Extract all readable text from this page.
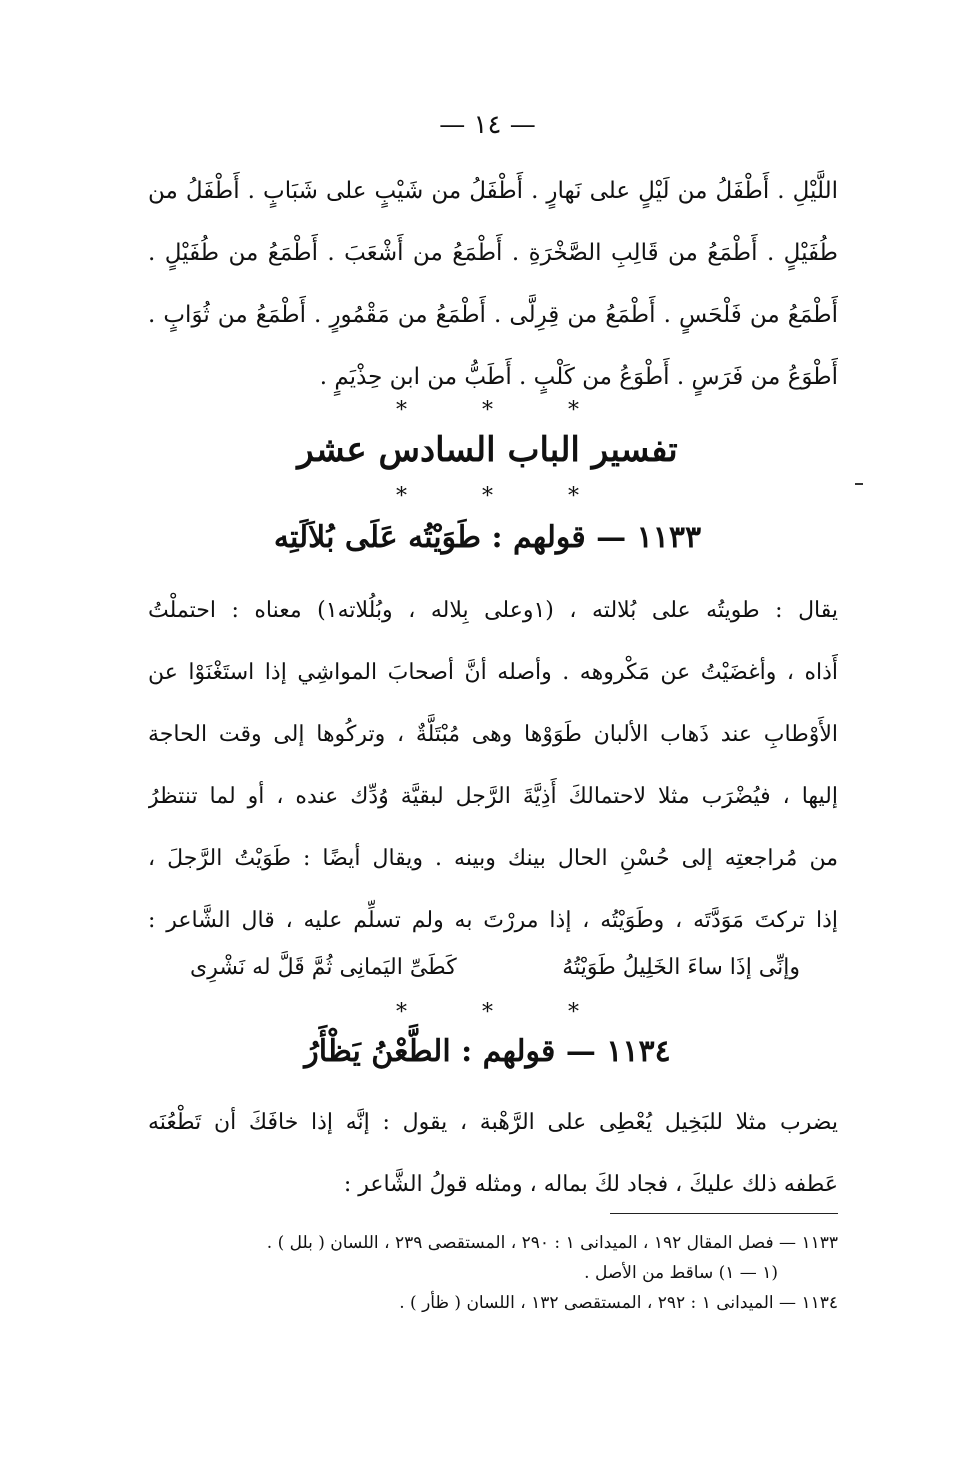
— ١٤ —
اللَّيْلِ . أَطْفَلُ من لَيْلٍ على نَهارٍ . أَطْفَلُ من شَيْبٍ على شَبَابٍ . أَطْفَلُ من
طُفَيْلٍ . أَطْمَعُ من قَالِبِ الصَّخْرَةِ . أَطْمَعُ من أَشْعَبَ . أَطْمَعُ من طُفَيْلٍ .
أَطْمَعُ من فَلْحَسٍ . أَطْمَعُ من قِرِلَّى . أَطْمَعُ من مَقْمُورٍ . أَطْمَعُ من ثُوَابٍ .
أَطْوَعُ من فَرَسٍ . أَطْوَعُ من كَلْبٍ . أَطَبُّ من ابن حِذْيَمٍ .
* * *
تفسير الباب السادس عشر
* * *
١١٣٣ — قولهم : طَوَيْتُه عَلَى بُلاَلَتِه
يقال : طويتُه على بُلالته ، (١وعلى بِلاله ، وبُلُلاته١) معناه : احتملْتُ
أَذاه ، وأغضَيْتُ عن مَكْروهه . وأصله أنَّ أصحابَ المواشِي إذا استَغْنَوْا عن
الأَوْطابِ عند ذَهاب الألبان طَوَوْها وهى مُبْتَلَّةٌ ، وتركُوها إلى وقت الحاجة
إليها ، فيُضْرَب مثلا لاحتمالكَ أَذِيَّةَ الرَّجل لبقيَّة وُدِّك عنده ، أو لما تنتظرُ
من مُراجعتِه إلى حُسْنِ الحال بينك وبينه . ويقال أيضًا : طَوَيْتُ الرَّجلَ ،
إذا تركتَ مَوَدَّتَه ، وطَوَيْتُه ، إذا مررْتَ به ولم تسلِّم عليه ، قال الشَّاعر :
وإنِّى إذَا ساءَ الخَلِيلُ طَوَيْتُهُ
كَطَىِّ اليَمانِى ثُمَّ قَلَّ له نَشْرِى
* * *
١١٣٤ — قولهم : الطَّعْنُ يَظْأَرُ
يضرب مثلا للبَخِيل يُعْطِى على الرَّهْبة ، يقول : إنَّه إذا خافَكَ أن تَطْعُنَه
عَطفه ذلك عليكَ ، فجاد لكَ بماله ، ومثله قولُ الشَّاعر :
١١٣٣ — فصل المقال ١٩٢ ، الميدانى ١ : ٢٩٠ ، المستقصى ٢٣٩ ، اللسان ( بلل ) .
(١ — ١) ساقط من الأصل .
١١٣٤ — الميدانى ١ : ٢٩٢ ، المستقصى ١٣٢ ، اللسان ( ظأر ) .
